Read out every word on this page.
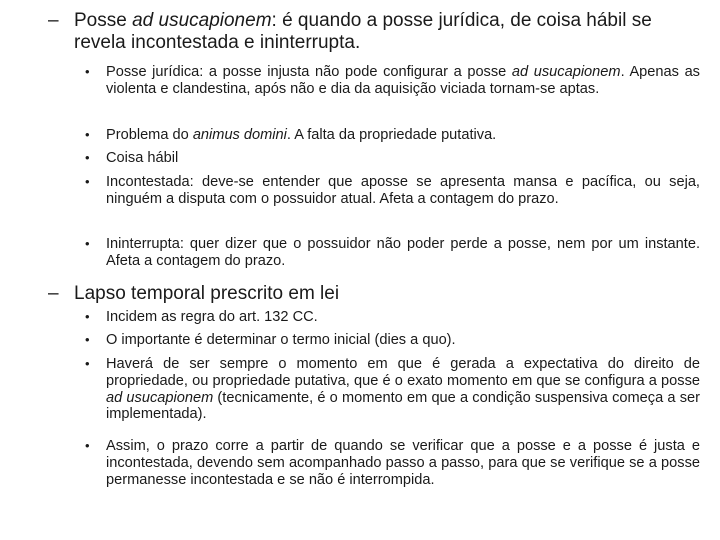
– Posse ad usucapionem: é quando a posse jurídica, de coisa hábil se revela incontestada e ininterrupta.
• Posse jurídica: a posse injusta não pode configurar a posse ad usucapionem. Apenas as violenta e clandestina, após não e dia da aquisição viciada tornam-se aptas.
• Problema do animus domini. A falta da propriedade putativa.
• Coisa hábil
• Incontestada: deve-se entender que aposse se apresenta mansa e pacífica, ou seja, ninguém a disputa com o possuidor atual. Afeta a contagem do prazo.
• Ininterrupta: quer dizer que o possuidor não poder perde a posse, nem por um instante. Afeta a contagem do prazo.
– Lapso temporal prescrito em lei
• Incidem as regra do art. 132 CC.
• O importante é determinar o termo inicial (dies a quo).
• Haverá de ser sempre o momento em que é gerada a expectativa do direito de propriedade, ou propriedade putativa, que é o exato momento em que se configura a posse ad usucapionem (tecnicamente, é o momento em que a condição suspensiva começa a ser implementada).
• Assim, o prazo corre a partir de quando se verificar que a posse e a posse é justa e incontestada, devendo sem acompanhado passo a passo, para que se verifique se a posse permanesse incontestada e se não é interrompida.
